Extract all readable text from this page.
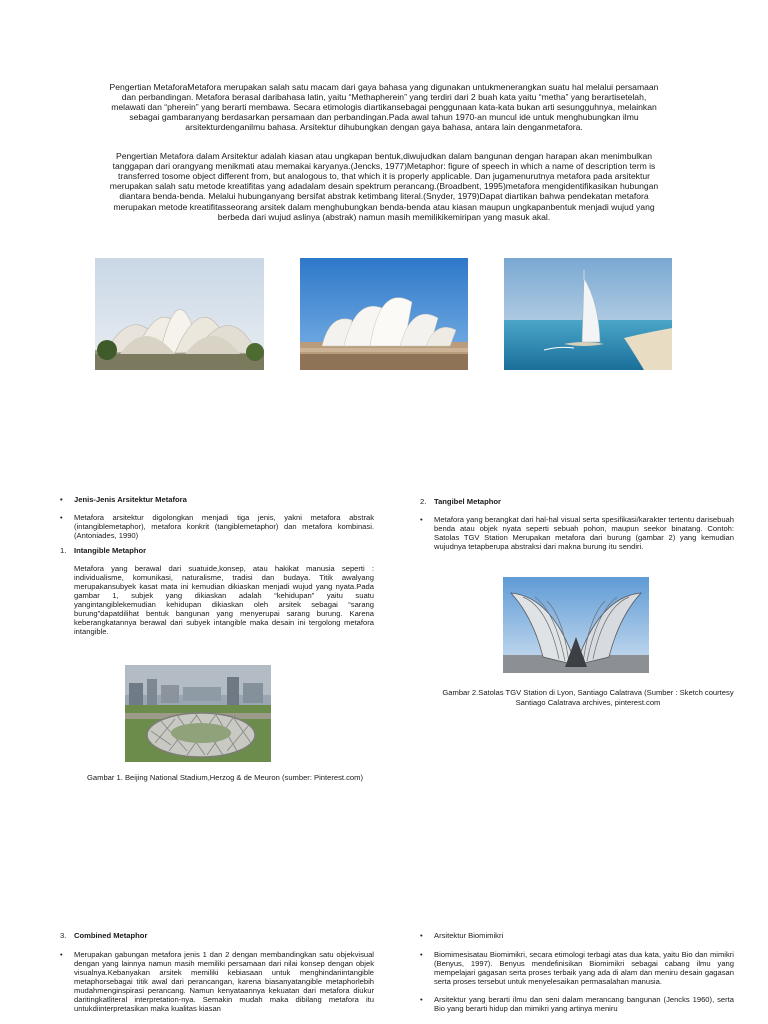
Pengertian MetaforaMetafora merupakan salah satu macam dari gaya bahasa yang digunakan untukmenerangkan suatu hal melalui persamaan dan perbandingan. Metafora berasal daribahasa latin, yaitu “Methapherein” yang terdiri dari 2 buah kata yaitu “metha” yang berartisetelah, melawati dan “pherein” yang berarti membawa. Secara etimologis diartikansebagai penggunaan kata-kata bukan arti sesungguhnya, melainkan sebagai gambaranyang berdasarkan persamaan dan perbandingan.Pada awal tahun 1970-an muncul ide untuk menghubungkan ilmu arsitekturdenganilmu bahasa. Arsitektur dihubungkan dengan gaya bahasa, antara lain denganmetafora.

Pengertian Metafora dalam Arsitektur adalah kiasan atau ungkapan bentuk,diwujudkan dalam bangunan dengan harapan akan menimbulkan tanggapan dari orangyang menikmati atau memakai karyanya.(Jencks, 1977)Metaphor: figure of speech in which a name of description term is transferred tosome object different from, but analogous to, that which it is properly applicable. Dan jugamenurutnya metafora pada arsitektur merupakan salah satu metode kreatifitas yang adadalam desain spektrum perancang.(Broadbent, 1995)metafora mengidentifikasikan hubungan diantara benda-benda. Melalui hubunganyang bersifat abstrak ketimbang literal.(Snyder, 1979)Dapat diartikan bahwa pendekatan metafora merupakan metode kreatifitasseorang arsitek dalam menghubungkan benda-benda atau kiasan maupun ungkapanbentuk menjadi wujud yang berbeda dari wujud aslinya (abstrak) namun masih memilikikemiripan yang masuk akal.

• Jenis-Jenis Arsitektur Metafora

• Metafora arsitektur digolongkan menjadi tiga jenis, yakni metafora abstrak (intangiblemetaphor), metafora konkrit (tangiblemetaphor) dan metafora kombinasi. (Antoniades, 1990)

1. Intangible Metaphor

Metafora yang berawal dari suatuide,konsep, atau hakikat manusia seperti : individualisme, komunikasi, naturalisme, tradisi dan budaya. Titik awalyang merupakansubyek kasat mata ini kemudian dikiaskan menjadi wujud yang nyata.Pada gambar 1, subjek yang dikiaskan adalah “kehidupan” yaitu suatu yangintangiblekemudian kehidupan dikiaskan oleh arsitek sebagai “sarang burung”dapatdilihat bentuk bangunan yang menyerupai sarang burung. Karena keberangkatannya berawal dari subyek intangible maka desain ini tergolong metafora intangible.

Gambar 1. Beijing National Stadium,Herzog & de Meuron (sumber: Pinterest.com)

2. Tangibel Metaphor

• Metafora yang berangkat dari hal-hal visual serta spesifikasi/karakter tertentu darisebuah benda atau objek nyata seperti sebuah pohon, maupun seekor binatang. Contoh: Satolas TGV Station Merupakan metafora dari burung (gambar 2) yang kemudian wujudnya tetapberupa abstraksi dari makna burung itu sendiri.

Gambar 2.Satolas TGV Station di Lyon, Santiago Calatrava (Sumber : Sketch courtesy Santiago Calatrava archives, pinterest.com

3. Combined Metaphor

• Merupakan gabungan metafora jenis 1 dan 2 dengan membandingkan satu objekvisual dengan yang lainnya namun masih memiliki persamaan dari nilai konsep dengan objek visualnya.Kebanyakan arsitek memiliki kebiasaan untuk menghindariintangible metaphorsebagai titik awal dari perancangan, karena biasanyatangible metaphorlebih mudahmenginspirasi perancang. Namun kenyataannya kekuatan dari metafora diukur daritingkatliteral interpretation-nya. Semakin mudah maka dibilang metafora itu untukdiinterpretasikan maka kualitas kiasan

• Arsitektur Biomimikri

• Biomimesisatau Biomimikri, secara etimologi terbagi atas dua kata, yaitu Bio dan mimikri (Benyus, 1997). Benyus mendefinisikan Biomimikri sebagai cabang ilmu yang mempelajari gagasan serta proses terbaik yang ada di alam dan meniru desain gagasan serta proses tersebut untuk menyelesaikan permasalahan manusia.

• Arsitektur yang berarti ilmu dan seni dalam merancang bangunan (Jencks 1960), serta Bio yang berarti hidup dan mimikri yang artinya meniru
